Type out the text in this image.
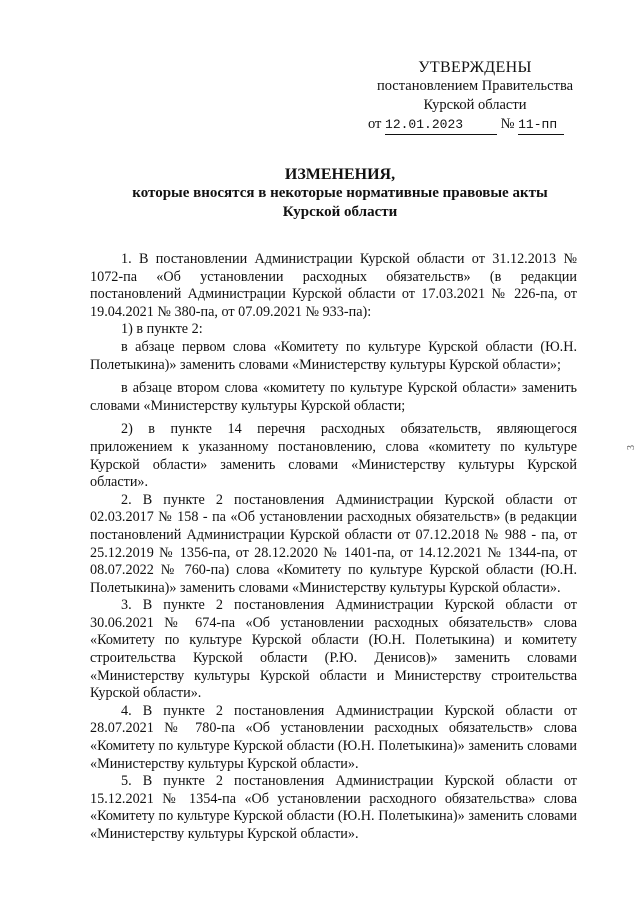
УТВЕРЖДЕНЫ
постановлением Правительства
Курской области
от 12.01.2023	№ 11-пп
ИЗМЕНЕНИЯ,
которые вносятся в некоторые нормативные правовые акты
Курской области

1. В постановлении Администрации Курской области от 31.12.2013 № 1072-па «Об установлении расходных обязательств» (в редакции постановлений Администрации Курской области от 17.03.2021 № 226-па, от 19.04.2021 № 380-па, от 07.09.2021 № 933-па):

1) в пункте 2:

в абзаце первом слова «Комитету по культуре Курской области (Ю.Н. Полетыкина)» заменить словами «Министерству культуры Курской области»;

в абзаце втором слова «комитету по культуре Курской области» заменить словами «Министерству культуры Курской области;

2) в пункте 14 перечня расходных обязательств, являющегося приложением к указанному постановлению, слова «комитету по культуре Курской области» заменить словами «Министерству культуры Курской области».

2. В пункте 2 постановления Администрации Курской области от 02.03.2017 № 158 - па «Об установлении расходных обязательств» (в редакции постановлений Администрации Курской области от 07.12.2018 № 988 - па, от 25.12.2019 № 1356-па, от 28.12.2020 № 1401-па, от 14.12.2021 № 1344-па, от 08.07.2022 № 760-па) слова «Комитету по культуре Курской области (Ю.Н. Полетыкина)» заменить словами «Министерству культуры Курской области».

3. В пункте 2 постановления Администрации Курской области от 30.06.2021 № 674-па «Об установлении расходных обязательств» слова «Комитету по культуре Курской области (Ю.Н. Полетыкина) и комитету строительства Курской области (Р.Ю. Денисов)» заменить словами «Министерству культуры Курской области и Министерству строительства Курской области».

4. В пункте 2 постановления Администрации Курской области от 28.07.2021 № 780-па «Об установлении расходных обязательств» слова «Комитету по культуре Курской области (Ю.Н. Полетыкина)» заменить словами «Министерству культуры Курской области».

5. В пункте 2 постановления Администрации Курской области от 15.12.2021 № 1354-па «Об установлении расходного обязательства» слова «Комитету по культуре Курской области (Ю.Н. Полетыкина)» заменить словами «Министерству культуры Курской области».

3
